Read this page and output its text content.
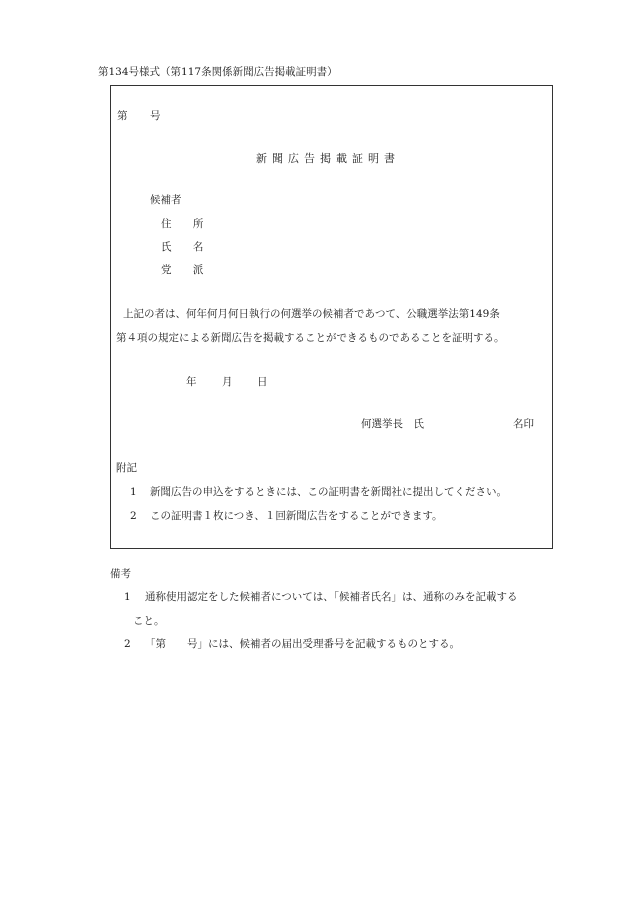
第134号様式（第117条関係新聞広告掲載証明書）
第 号
新聞広告掲載証明書
候補者
住 所
氏 名
党 派
上記の者は、何年何月何日執行の何選挙の候補者であつて、公職選挙法第149条
第４項の規定による新聞広告を掲載することができるものであることを証明する。
年 月 日
何選挙長　氏	名印
附記
1 新聞広告の申込をするときには、この証明書を新聞社に提出してください。
2 この証明書１枚につき、１回新聞広告をすることができます。
備考
1 通称使用認定をした候補者については、「候補者氏名」は、通称のみを記載する
こと。
2 「第　　号」には、候補者の届出受理番号を記載するものとする。
